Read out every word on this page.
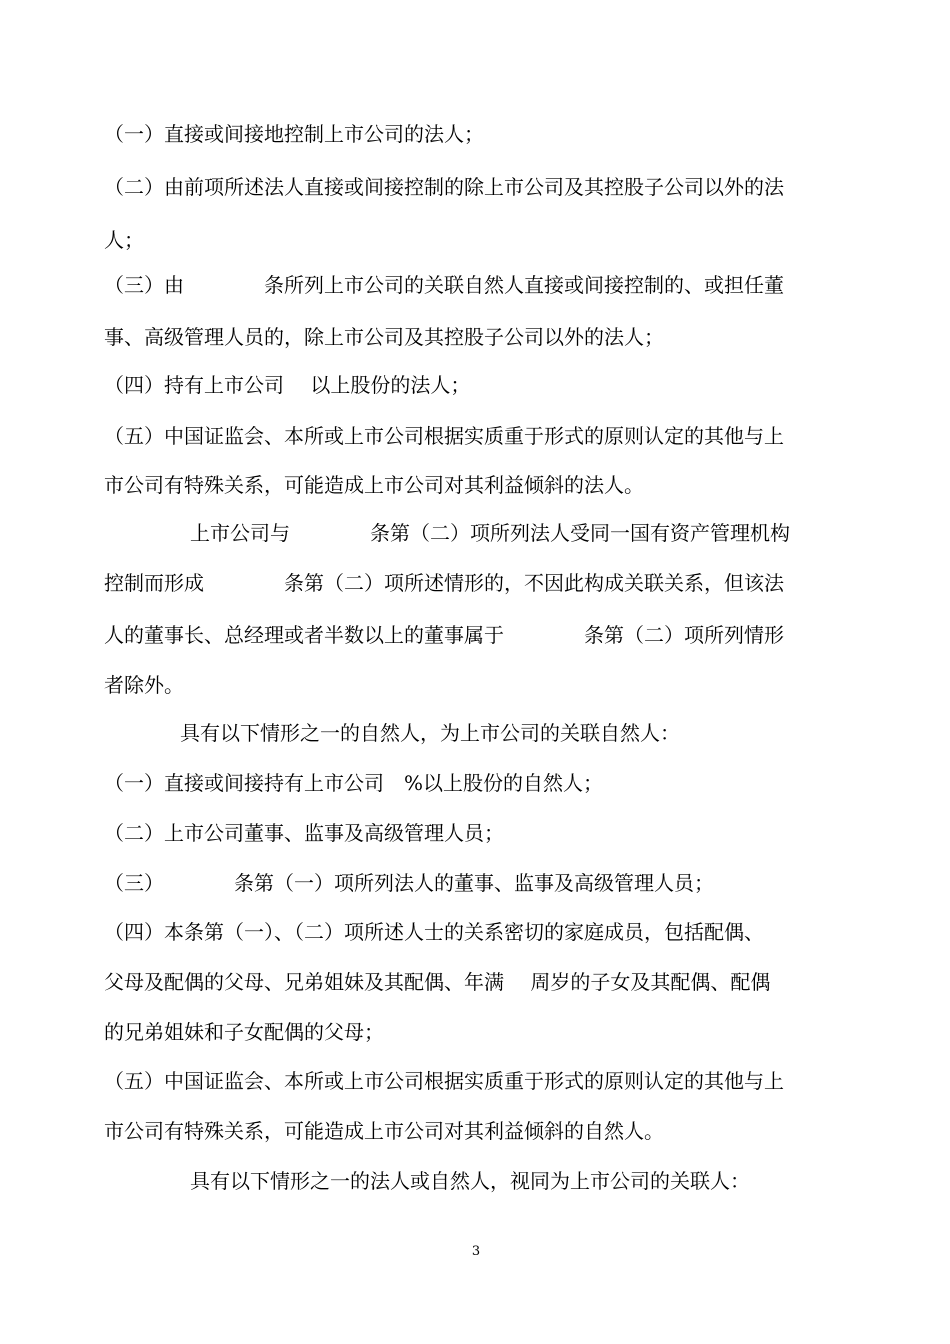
（一）直接或间接地控制上市公司的法人；
（二）由前项所述法人直接或间接控制的除上市公司及其控股子公司以外的法
人；
（三）由　　　　条所列上市公司的关联自然人直接或间接控制的、或担任董
事、高级管理人员的，除上市公司及其控股子公司以外的法人；
（四）持有上市公司　 以上股份的法人；
（五）中国证监会、本所或上市公司根据实质重于形式的原则认定的其他与上
市公司有特殊关系，可能造成上市公司对其利益倾斜的法人。
上市公司与　　　　条第（二）项所列法人受同一国有资产管理机构
控制而形成　　　　条第（二）项所述情形的，不因此构成关联关系，但该法
人的董事长、总经理或者半数以上的董事属于　　　　条第（二）项所列情形
者除外。
具有以下情形之一的自然人，为上市公司的关联自然人：
（一）直接或间接持有上市公司　%以上股份的自然人；
（二）上市公司董事、监事及高级管理人员；
（三）　　　　条第（一）项所列法人的董事、监事及高级管理人员；
（四）本条第（一）、（二）项所述人士的关系密切的家庭成员，包括配偶、
父母及配偶的父母、兄弟姐妹及其配偶、年满　 周岁的子女及其配偶、配偶
的兄弟姐妹和子女配偶的父母；
（五）中国证监会、本所或上市公司根据实质重于形式的原则认定的其他与上
市公司有特殊关系，可能造成上市公司对其利益倾斜的自然人。
具有以下情形之一的法人或自然人，视同为上市公司的关联人：
3
